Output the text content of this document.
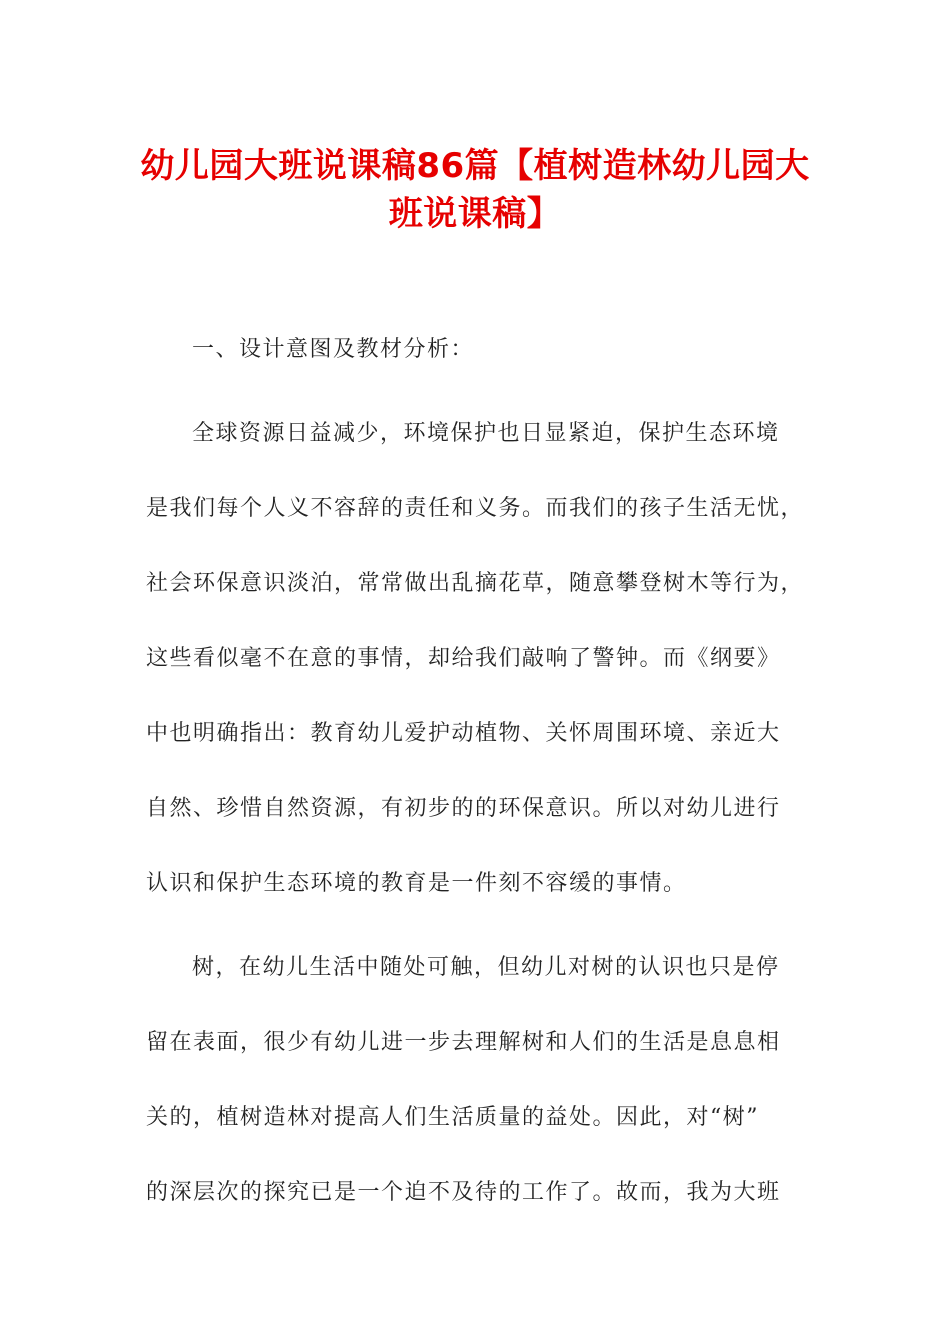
幼儿园大班说课稿86篇【植树造林幼儿园大
班说课稿】
一、设计意图及教材分析：
全球资源日益减少，环境保护也日显紧迫，保护生态环境
是我们每个人义不容辞的责任和义务。而我们的孩子生活无忧，
社会环保意识淡泊，常常做出乱摘花草，随意攀登树木等行为，
这些看似毫不在意的事情，却给我们敲响了警钟。而《纲要》
中也明确指出：教育幼儿爱护动植物、关怀周围环境、亲近大
自然、珍惜自然资源，有初步的的环保意识。所以对幼儿进行
认识和保护生态环境的教育是一件刻不容缓的事情。
树，在幼儿生活中随处可触，但幼儿对树的认识也只是停
留在表面，很少有幼儿进一步去理解树和人们的生活是息息相
关的，植树造林对提高人们生活质量的益处。因此，对“树”
的深层次的探究已是一个迫不及待的工作了。故而，我为大班
